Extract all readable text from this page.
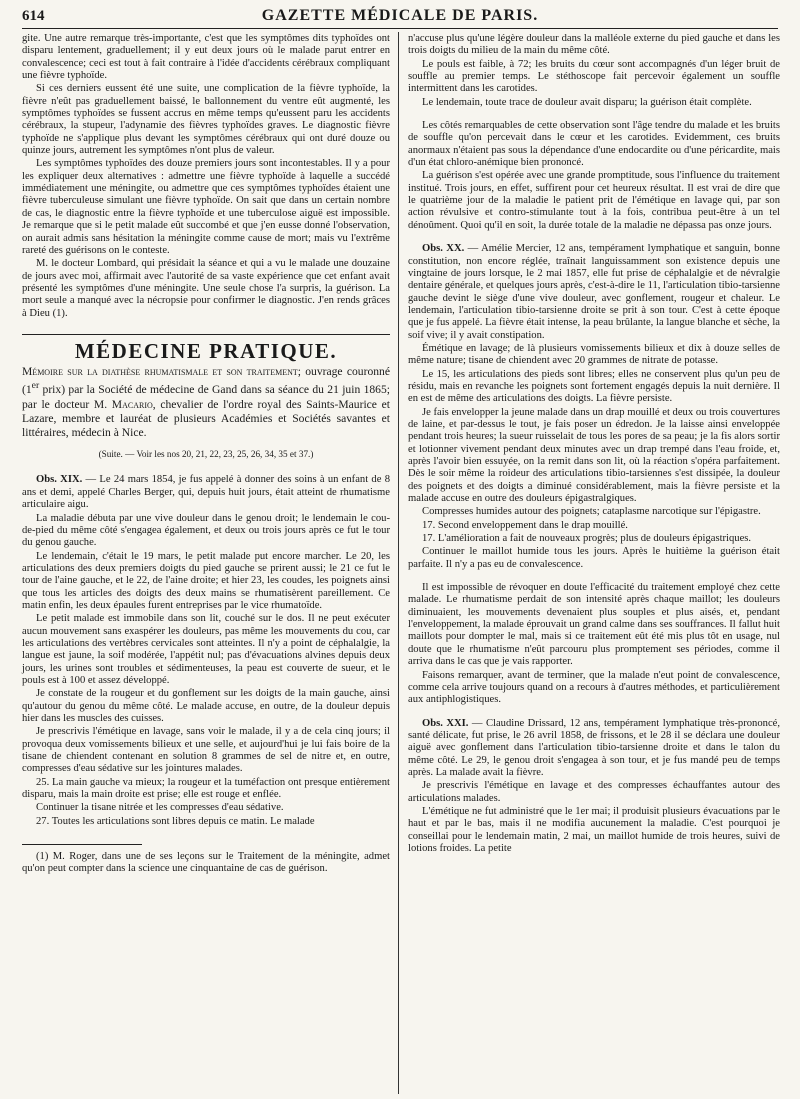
614	GAZETTE MÉDICALE DE PARIS.

gite. Une autre remarque très-importante, c'est que les symptômes dits typhoïdes ont disparu lentement, graduellement; il y eut deux jours où le malade parut entrer en convalescence; ceci est tout à fait contraire à l'idée d'accidents cérébraux compliquant une fièvre typhoïde.

Si ces derniers eussent été une suite, une complication de la fièvre typhoïde, la fièvre n'eût pas graduellement baissé, le ballonnement du ventre eût augmenté, les symptômes typhoïdes se fussent accrus en même temps qu'eussent paru les accidents cérébraux, la stupeur, l'adynamie des fièvres typhoïdes graves. Le diagnostic fièvre typhoïde ne s'applique plus devant les symptômes cérébraux qui ont duré douze ou quinze jours, autrement les symptômes n'ont plus de valeur.

Les symptômes typhoïdes des douze premiers jours sont incontestables. Il y a pour les expliquer deux alternatives : admettre une fièvre typhoïde à laquelle a succédé immédiatement une méningite, ou admettre que ces symptômes typhoïdes étaient une fièvre tuberculeuse simulant une fièvre typhoïde. On sait que dans un certain nombre de cas, le diagnostic entre la fièvre typhoïde et une tuberculose aiguë est impossible. Je remarque que si le petit malade eût succombé et que j'en eusse donné l'observation, on aurait admis sans hésitation la méningite comme cause de mort; mais vu l'extrême rareté des guérisons on le conteste.

M. le docteur Lombard, qui présidait la séance et qui a vu le malade une douzaine de jours avec moi, affirmait avec l'autorité de sa vaste expérience que cet enfant avait présenté les symptômes d'une méningite. Une seule chose l'a surpris, la guérison. La mort seule a manqué avec la nécropsie pour confirmer le diagnostic. J'en rends grâces à Dieu (1).

MÉDECINE PRATIQUE.

Mémoire sur la diathèse rhumatismale et son traitement; ouvrage couronné (1er prix) par la Société de médecine de Gand dans sa séance du 21 juin 1865; par le docteur M. Macario, chevalier de l'ordre royal des Saints-Maurice et Lazare, membre et lauréat de plusieurs Académies et Sociétés savantes et littéraires, médecin à Nice.

(Suite. — Voir les nos 20, 21, 22, 23, 25, 26, 34, 35 et 37.)

Obs. XIX. — Le 24 mars 1854, je fus appelé à donner des soins à un enfant de 8 ans et demi, appelé Charles Berger, qui, depuis huit jours, était atteint de rhumatisme articulaire aigu.

La maladie débuta par une vive douleur dans le genou droit; le lendemain le cou-de-pied du même côté s'engagea également, et deux ou trois jours après ce fut le tour du genou gauche.

Le lendemain, c'était le 19 mars, le petit malade put encore marcher. Le 20, les articulations des deux premiers doigts du pied gauche se prirent aussi; le 21 ce fut le tour de l'aine gauche, et le 22, de l'aine droite; et hier 23, les coudes, les poignets ainsi que tous les articles des doigts des deux mains se rhumatisèrent pareillement. Ce matin enfin, les deux épaules furent entreprises par le vice rhumatoïde.

Le petit malade est immobile dans son lit, couché sur le dos. Il ne peut exécuter aucun mouvement sans exaspérer les douleurs, pas même les mouvements du cou, car les articulations des vertèbres cervicales sont atteintes. Il n'y a point de céphalalgie, la langue est jaune, la soif modérée, l'appétit nul; pas d'évacuations alvines depuis deux jours, les urines sont troubles et sédimenteuses, la peau est couverte de sueur, et le pouls est à 100 et assez développé.

Je constate de la rougeur et du gonflement sur les doigts de la main gauche, ainsi qu'autour du genou du même côté. Le malade accuse, en outre, de la douleur depuis hier dans les muscles des cuisses.

Je prescrivis l'émétique en lavage, sans voir le malade, il y a de cela cinq jours; il provoqua deux vomissements bilieux et une selle, et aujourd'hui je lui fais boire de la tisane de chiendent contenant en solution 8 grammes de sel de nitre et, en outre, compresses d'eau sédative sur les jointures malades.

25. La main gauche va mieux; la rougeur et la tuméfaction ont presque entièrement disparu, mais la main droite est prise; elle est rouge et enflée.

Continuer la tisane nitrée et les compresses d'eau sédative.

27. Toutes les articulations sont libres depuis ce matin. Le malade

(1) M. Roger, dans une de ses leçons sur le Traitement de la méningite, admet qu'on peut compter dans la science une cinquantaine de cas de guérison.

n'accuse plus qu'une légère douleur dans la malléole externe du pied gauche et dans les trois doigts du milieu de la main du même côté.

Le pouls est faible, à 72; les bruits du cœur sont accompagnés d'un léger bruit de souffle au premier temps. Le stéthoscope fait percevoir également un souffle intermittent dans les carotides.

Le lendemain, toute trace de douleur avait disparu; la guérison était complète.

Les côtés remarquables de cette observation sont l'âge tendre du malade et les bruits de souffle qu'on percevait dans le cœur et les carotides. Evidemment, ces bruits anormaux n'étaient pas sous la dépendance d'une endocardite ou d'une péricardite, mais d'un état chloro-anémique bien prononcé.

La guérison s'est opérée avec une grande promptitude, sous l'influence du traitement institué. Trois jours, en effet, suffirent pour cet heureux résultat. Il est vrai de dire que le quatrième jour de la maladie le patient prit de l'émétique en lavage qui, par son action révulsive et contro-stimulante tout à la fois, contribua peut-être à un tel dénoûment. Quoi qu'il en soit, la durée totale de la maladie ne dépassa pas onze jours.

Obs. XX. — Amélie Mercier, 12 ans, tempérament lymphatique et sanguin, bonne constitution, non encore réglée, traînait languissamment son existence depuis une vingtaine de jours lorsque, le 2 mai 1857, elle fut prise de céphalalgie et de névralgie dentaire générale, et quelques jours après, c'est-à-dire le 11, l'articulation tibio-tarsienne gauche devint le siège d'une vive douleur, avec gonflement, rougeur et chaleur. Le lendemain, l'articulation tibio-tarsienne droite se prit à son tour. C'est à cette époque que je fus appelé. La fièvre était intense, la peau brûlante, la langue blanche et sèche, la soif vive; il y avait constipation.

Émétique en lavage; de là plusieurs vomissements bilieux et dix à douze selles de même nature; tisane de chiendent avec 20 grammes de nitrate de potasse.

Le 15, les articulations des pieds sont libres; elles ne conservent plus qu'un peu de résidu, mais en revanche les poignets sont fortement engagés depuis la nuit dernière. Il en est de même des articulations des doigts. La fièvre persiste.

Je fais envelopper la jeune malade dans un drap mouillé et deux ou trois couvertures de laine, et par-dessus le tout, je fais poser un édredon. Je la laisse ainsi enveloppée pendant trois heures; la sueur ruisselait de tous les pores de sa peau; je la fis alors sortir et lotionner vivement pendant deux minutes avec un drap trempé dans l'eau froide, et, après l'avoir bien essuyée, on la remit dans son lit, où la réaction s'opéra parfaitement. Dès le soir même la roideur des articulations tibio-tarsiennes s'est dissipée, la douleur des poignets et des doigts a diminué considérablement, mais la fièvre persiste et la malade accuse en outre des douleurs épigastralgiques.

Compresses humides autour des poignets; cataplasme narcotique sur l'épigastre.

17. Second enveloppement dans le drap mouillé.

17. L'amélioration a fait de nouveaux progrès; plus de douleurs épigastriques.

Continuer le maillot humide tous les jours. Après le huitième la guérison était parfaite. Il n'y a pas eu de convalescence.

Il est impossible de révoquer en doute l'efficacité du traitement employé chez cette malade. Le rhumatisme perdait de son intensité après chaque maillot; les douleurs diminuaient, les mouvements devenaient plus souples et plus aisés, et, pendant l'enveloppement, la malade éprouvait un grand calme dans ses souffrances. Il fallut huit maillots pour dompter le mal, mais si ce traitement eût été mis plus tôt en usage, nul doute que le rhumatisme n'eût parcouru plus promptement ses périodes, comme il arriva dans le cas que je vais rapporter.

Faisons remarquer, avant de terminer, que la malade n'eut point de convalescence, comme cela arrive toujours quand on a recours à d'autres méthodes, et particulièrement aux antiphlogistiques.

Obs. XXI. — Claudine Drissard, 12 ans, tempérament lymphatique très-prononcé, santé délicate, fut prise, le 26 avril 1858, de frissons, et le 28 il se déclara une douleur aiguë avec gonflement dans l'articulation tibio-tarsienne droite et dans le talon du même côté. Le 29, le genou droit s'engagea à son tour, et je fus mandé peu de temps après. La malade avait la fièvre.

Je prescrivis l'émétique en lavage et des compresses échauffantes autour des articulations malades.

L'émétique ne fut administré que le 1er mai; il produisit plusieurs évacuations par le haut et par le bas, mais il ne modifia aucunement la maladie. C'est pourquoi je conseillai pour le lendemain matin, 2 mai, un maillot humide de trois heures, suivi de lotions froides. La petite
